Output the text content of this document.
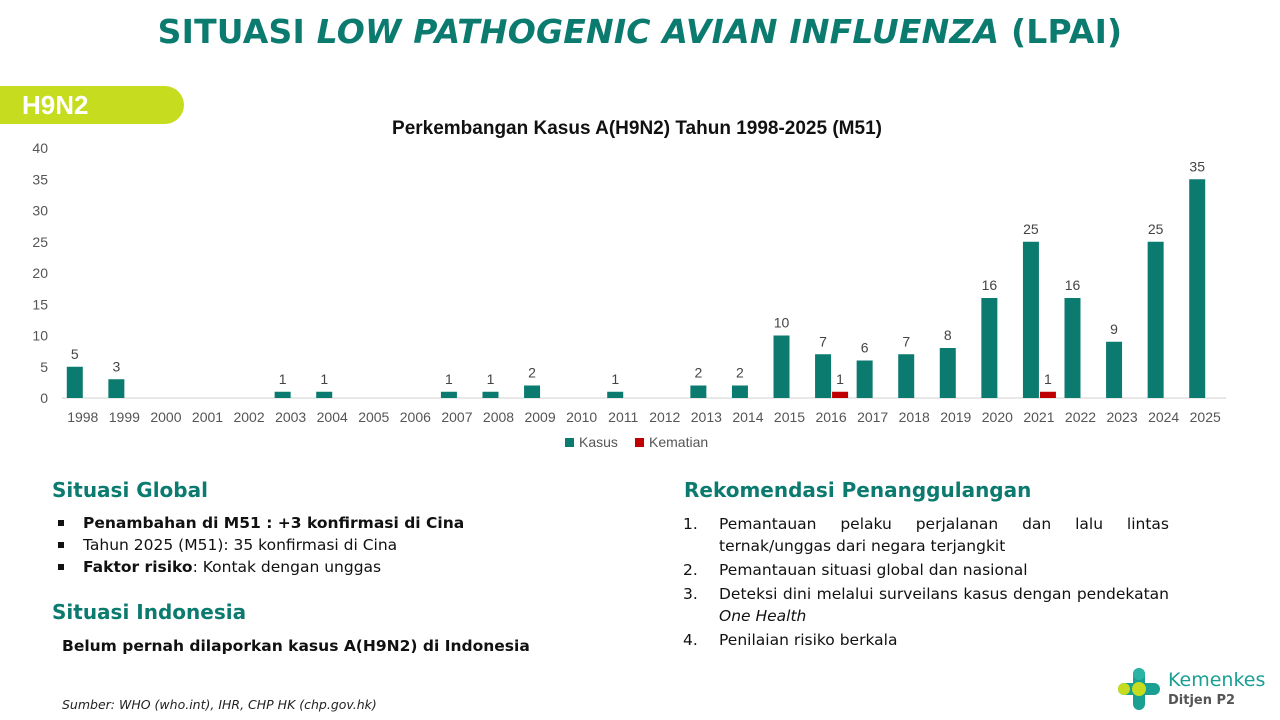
SITUASI LOW PATHOGENIC AVIAN INFLUENZA (LPAI)
H9N2
Perkembangan Kasus A(H9N2) Tahun 1998-2025 (M51)
0
5
10
15
20
25
30
35
40
1998 1999 2000 2001 2002 2003 2004 2005 2006 2007 2008 2009 2010 2011 2012 2013 2014 2015 2016 2017 2018 2019 2020 2021 2022 2023 2024 2025
5
3
1 1	1 1 2	1	2 2
10
7
1
6 7 8
16
25
1
16
9
25
35
Kasus Kematian
Situasi Global
Penambahan di M51 : +3 konfirmasi di Cina
Tahun 2025 (M51): 35 konfirmasi di Cina
Faktor risiko: Kontak dengan unggas
Situasi Indonesia

Belum pernah dilaporkan kasus A(H9N2) di Indonesia

Rekomendasi Penanggulangan
1. Pemantauan pelaku perjalanan dan lalu lintas ternak/unggas dari negara terjangkit
2. Pemantauan situasi global dan nasional
3. Deteksi dini melalui surveilans kasus dengan pendekatan One Health
4. Penilaian risiko berkala

Sumber: WHO (who.int), IHR, CHP HK (chp.gov.hk)

Kemenkes
Ditjen P2
